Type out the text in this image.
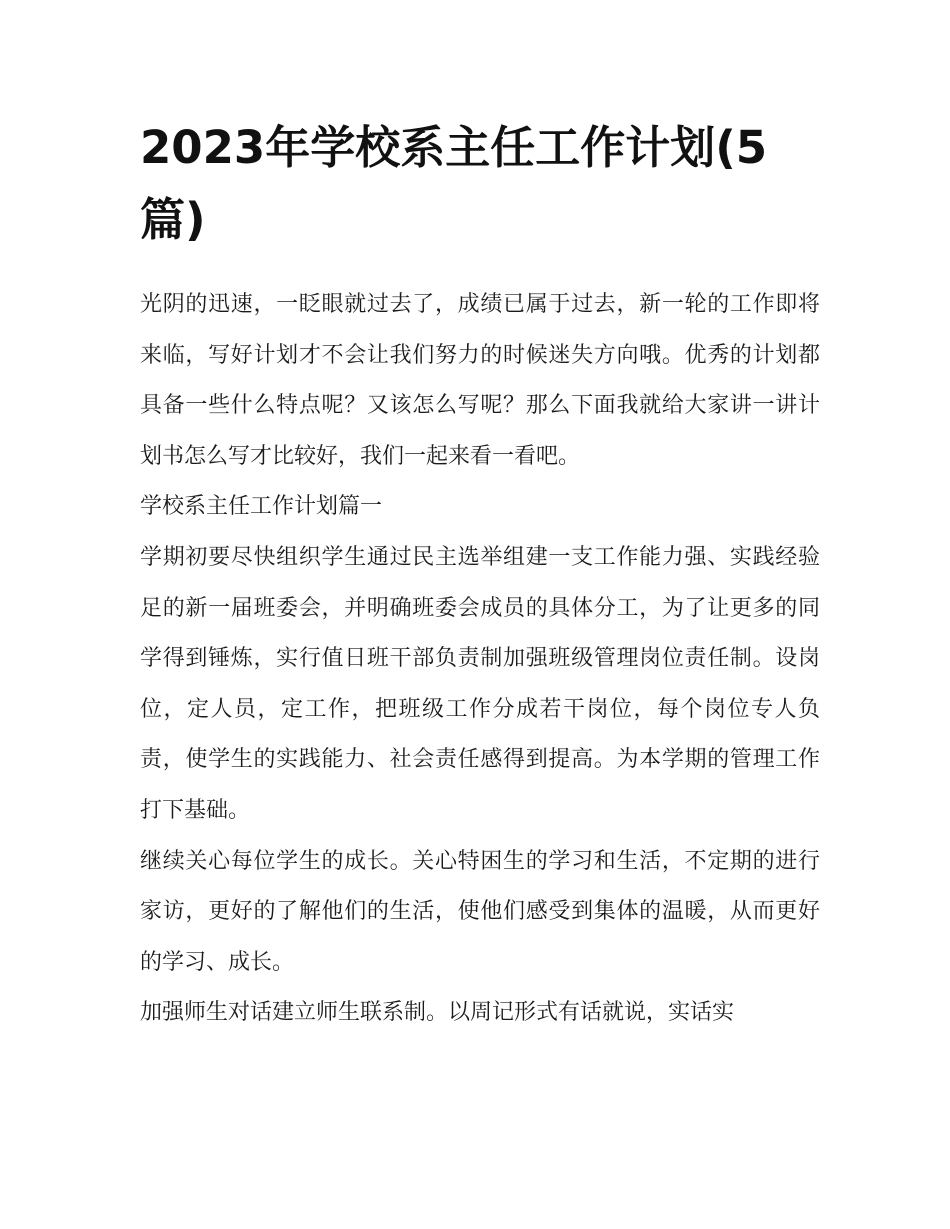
2023年学校系主任工作计划(5篇)

光阴的迅速，一眨眼就过去了，成绩已属于过去，新一轮的工作即将来临，写好计划才不会让我们努力的时候迷失方向哦。优秀的计划都具备一些什么特点呢？又该怎么写呢？那么下面我就给大家讲一讲计划书怎么写才比较好，我们一起来看一看吧。

学校系主任工作计划篇一

学期初要尽快组织学生通过民主选举组建一支工作能力强、实践经验足的新一届班委会，并明确班委会成员的具体分工，为了让更多的同学得到锤炼，实行值日班干部负责制加强班级管理岗位责任制。设岗位，定人员，定工作，把班级工作分成若干岗位，每个岗位专人负责，使学生的实践能力、社会责任感得到提高。为本学期的管理工作打下基础。

继续关心每位学生的成长。关心特困生的学习和生活，不定期的进行家访，更好的了解他们的生活，使他们感受到集体的温暖，从而更好的学习、成长。

加强师生对话建立师生联系制。以周记形式有话就说，实话实
